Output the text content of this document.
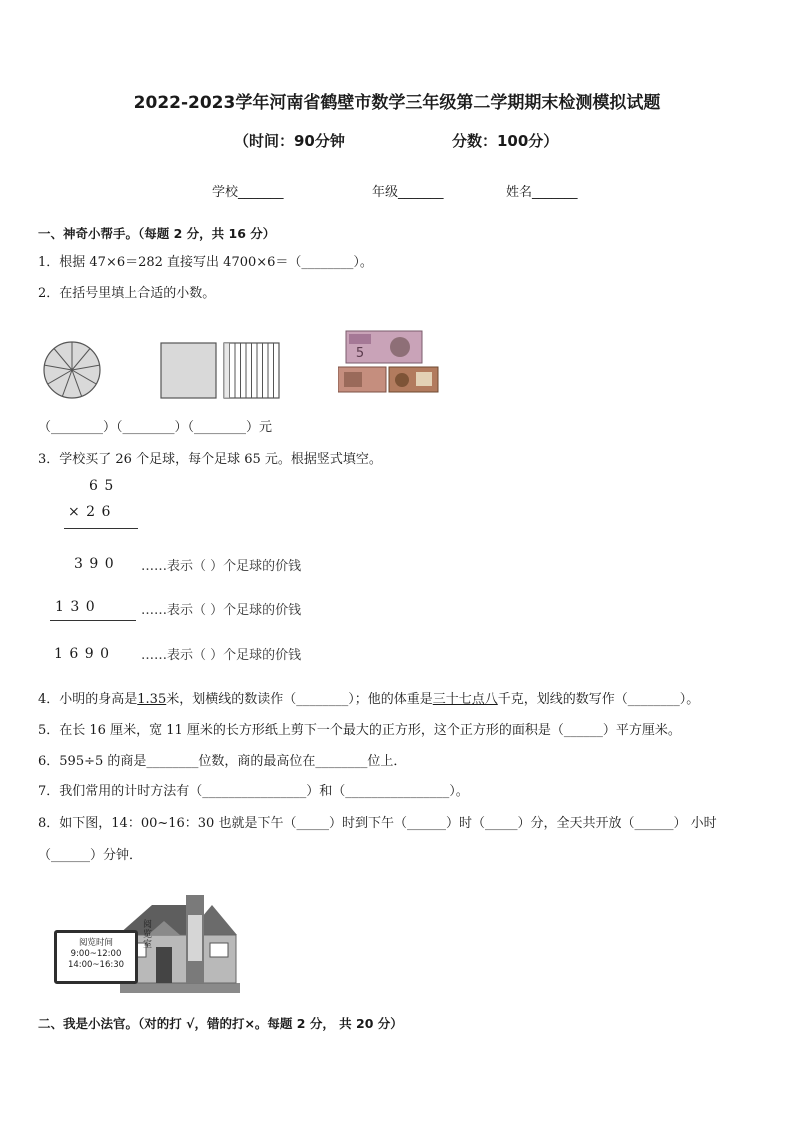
2022-2023学年河南省鹤壁市数学三年级第二学期期末检测模拟试题
（时间：90分钟	分数：100分）
学校_______	年级_______	姓名_______
一、神奇小帮手。（每题 2 分，共 16 分）
1．根据 47×6＝282 直接写出 4700×6＝（________）。
2．在括号里填上合适的小数。
5
（________）（________）（________）元
3．学校买了 26 个足球，每个足球 65 元。根据竖式填空。
6 5
× 2 6
3 9 0 ……表示（ ）个足球的价钱
1 3 0	……表示（ ）个足球的价钱
1 6 9 0 ……表示（ ）个足球的价钱
4．小明的身高是1.35米，划横线的数读作（________）；他的体重是三十七点八千克，划线的数写作（________）。
5．在长 16 厘米，宽 11 厘米的长方形纸上剪下一个最大的正方形，这个正方形的面积是（______）平方厘米。
6．595÷5 的商是________位数，商的最高位在________位上．
7．我们常用的计时方法有（________________）和（________________）。
8．如下图，14：00~16：30 也就是下午（_____）时到下午（______）时（_____）分，全天共开放（______） 小时
（______）分钟．
阅览室
阅览时间
9:00~12:00
14:00~16:30
二、我是小法官。（对的打 √，错的打×。每题 2 分， 共 20 分）
